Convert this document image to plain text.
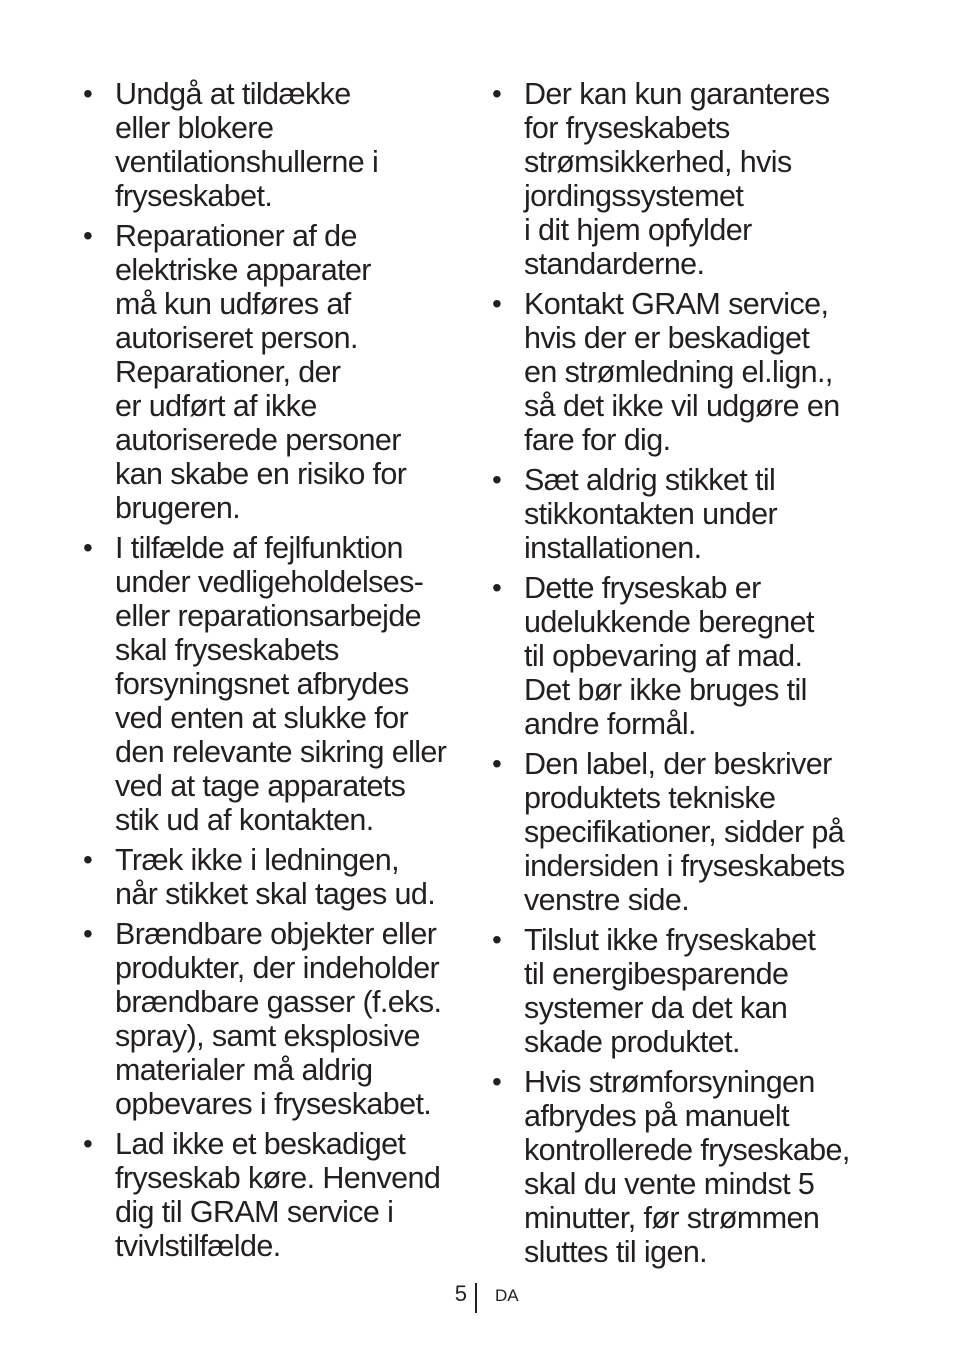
• Undgå at tildække
eller blokere
ventilationshullerne i
fryseskabet.
• Reparationer af de
elektriske apparater
må kun udføres af
autoriseret person.
Reparationer, der
er udført af ikke
autoriserede personer
kan skabe en risiko for
brugeren.
• I tilfælde af fejlfunktion
under vedligeholdelses-
eller reparationsarbejde
skal fryseskabets
forsyningsnet afbrydes
ved enten at slukke for
den relevante sikring eller
ved at tage apparatets
stik ud af kontakten.
• Træk ikke i ledningen,
når stikket skal tages ud.
• Brændbare objekter eller
produkter, der indeholder
brændbare gasser (f.eks.
spray), samt eksplosive
materialer må aldrig
opbevares i fryseskabet.
• Lad ikke et beskadiget
fryseskab køre. Henvend
dig til GRAM service i
tvivlstilfælde.
• Der kan kun garanteres
for fryseskabets
strømsikkerhed, hvis
jordingssystemet
i dit hjem opfylder
standarderne.
• Kontakt GRAM service,
hvis der er beskadiget
en strømledning el.lign.,
så det ikke vil udgøre en
fare for dig.
• Sæt aldrig stikket til
stikkontakten under
installationen.
• Dette fryseskab er
udelukkende beregnet
til opbevaring af mad.
Det bør ikke bruges til
andre formål.
• Den label, der beskriver
produktets tekniske
specifikationer, sidder på
indersiden i fryseskabets
venstre side.
• Tilslut ikke fryseskabet
til energibesparende
systemer da det kan
skade produktet.
• Hvis strømforsyningen
afbrydes på manuelt
kontrollerede fryseskabe,
skal du vente mindst 5
minutter, før strømmen
sluttes til igen.
5 DA
